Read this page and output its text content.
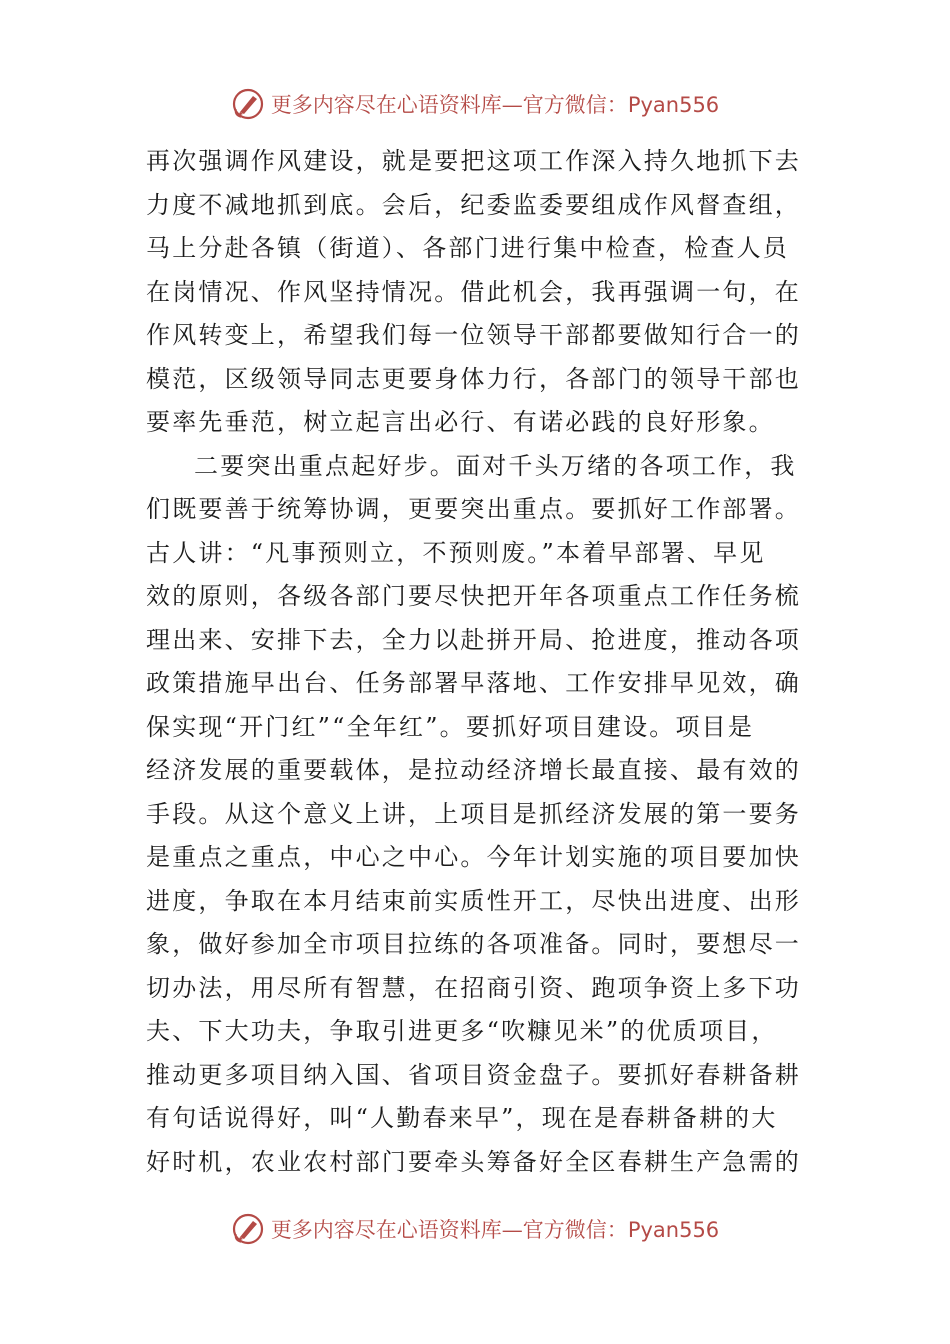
更多内容尽在心语资料库—官方微信：Pyan556
再次强调作风建设，就是要把这项工作深入持久地抓下去
力度不减地抓到底。会后，纪委监委要组成作风督查组，
马上分赴各镇（街道）、各部门进行集中检查，检查人员
在岗情况、作风坚持情况。借此机会，我再强调一句，在
作风转变上，希望我们每一位领导干部都要做知行合一的
模范，区级领导同志更要身体力行，各部门的领导干部也
要率先垂范，树立起言出必行、有诺必践的良好形象。
二要突出重点起好步。面对千头万绪的各项工作，我
们既要善于统筹协调，更要突出重点。要抓好工作部署。
古人讲：“凡事预则立，不预则废。”本着早部署、早见
效的原则，各级各部门要尽快把开年各项重点工作任务梳
理出来、安排下去，全力以赴拼开局、抢进度，推动各项
政策措施早出台、任务部署早落地、工作安排早见效，确
保实现“开门红”“全年红”。要抓好项目建设。项目是
经济发展的重要载体，是拉动经济增长最直接、最有效的
手段。从这个意义上讲，上项目是抓经济发展的第一要务
是重点之重点，中心之中心。今年计划实施的项目要加快
进度，争取在本月结束前实质性开工，尽快出进度、出形
象，做好参加全市项目拉练的各项准备。同时，要想尽一
切办法，用尽所有智慧，在招商引资、跑项争资上多下功
夫、下大功夫，争取引进更多“吹糠见米”的优质项目，
推动更多项目纳入国、省项目资金盘子。要抓好春耕备耕
有句话说得好，叫“人勤春来早”，现在是春耕备耕的大
好时机，农业农村部门要牵头筹备好全区春耕生产急需的
更多内容尽在心语资料库—官方微信：Pyan556
